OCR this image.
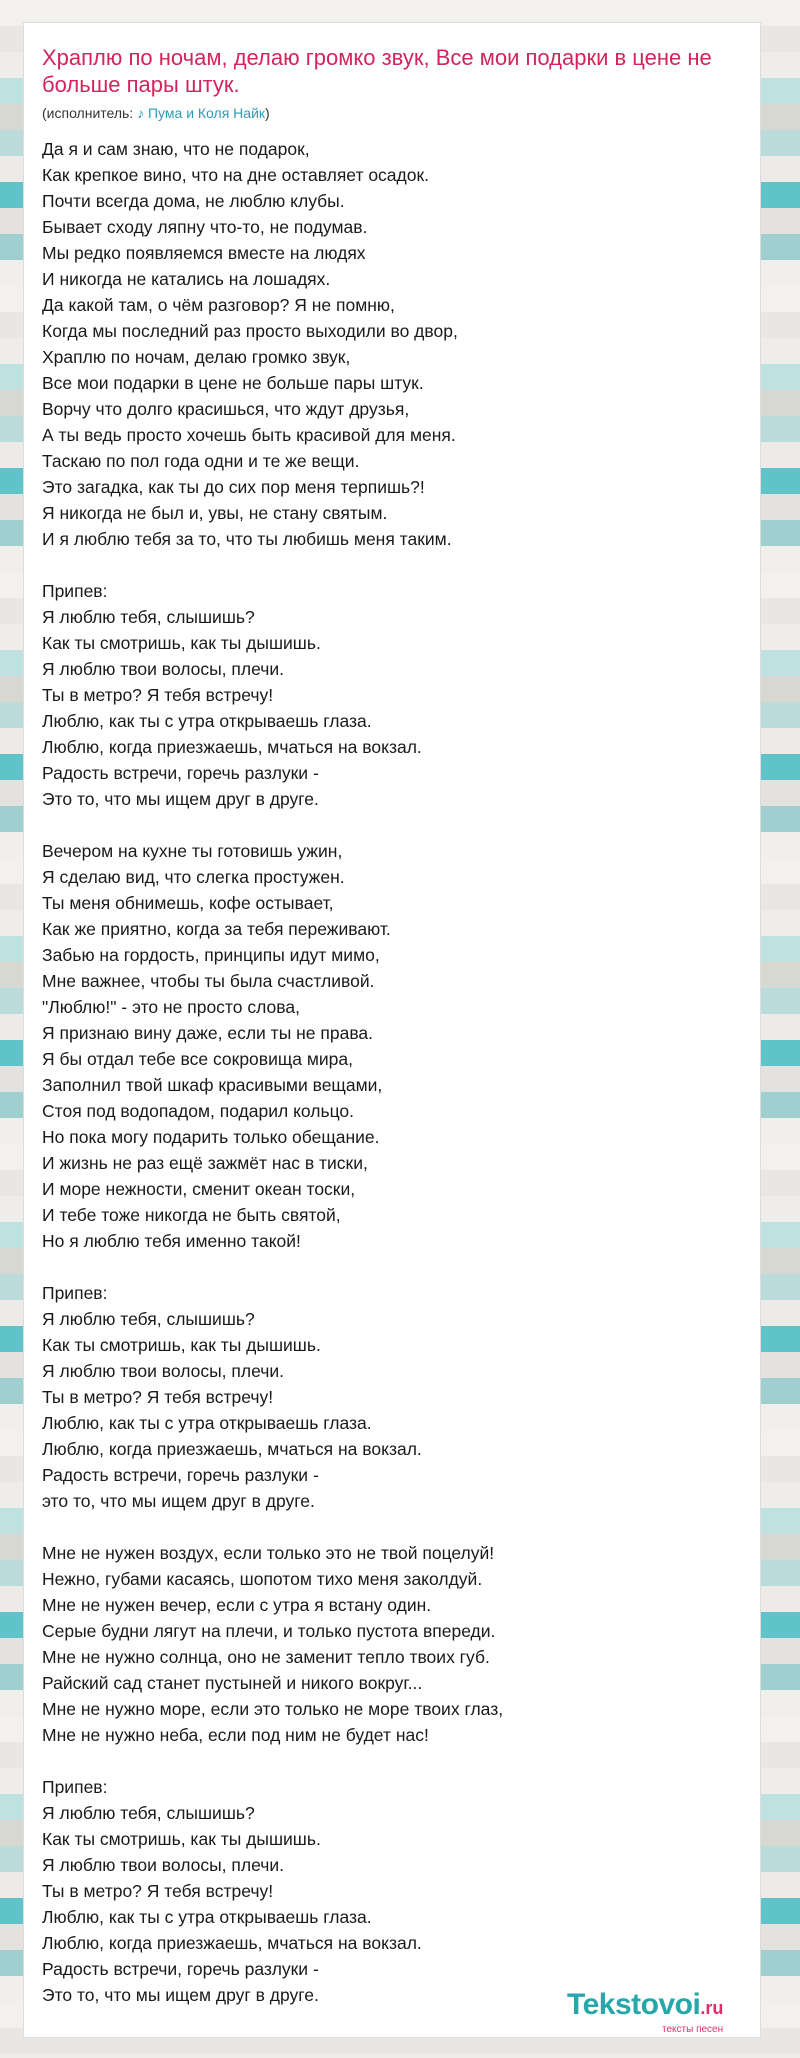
Храплю по ночам, делаю громко звук, Все мои подарки в цене не больше пары штук.
(исполнитель: ♪ Пума и Коля Найк)
Да я и сам знаю, что не подарок,
Как крепкое вино, что на дне оставляет осадок.
Почти всегда дома, не люблю клубы.
Бывает сходу ляпну что-то, не подумав.
Мы редко появляемся вместе на людях
И никогда не катались на лошадях.
Да какой там, о чём разговор? Я не помню,
Когда мы последний раз просто выходили во двор,
Храплю по ночам, делаю громко звук,
Все мои подарки в цене не больше пары штук.
Ворчу что долго красишься, что ждут друзья,
А ты ведь просто хочешь быть красивой для меня.
Таскаю по пол года одни и те же вещи.
Это загадка, как ты до сих пор меня терпишь?!
Я никогда не был и, увы, не стану святым.
И я люблю тебя за то, что ты любишь меня таким.
Припев:
Я люблю тебя, слышишь?
Как ты смотришь, как ты дышишь.
Я люблю твои волосы, плечи.
Ты в метро? Я тебя встречу!
Люблю, как ты с утра открываешь глаза.
Люблю, когда приезжаешь, мчаться на вокзал.
Радость встречи, горечь разлуки -
Это то, что мы ищем друг в друге.
Вечером на кухне ты готовишь ужин,
Я сделаю вид, что слегка простужен.
Ты меня обнимешь, кофе остывает,
Как же приятно, когда за тебя переживают.
Забью на гордость, принципы идут мимо,
Мне важнее, чтобы ты была счастливой.
"Люблю!" - это не просто слова,
Я признаю вину даже, если ты не права.
Я бы отдал тебе все сокровища мира,
Заполнил твой шкаф красивыми вещами,
Стоя под водопадом, подарил кольцо.
Но пока могу подарить только обещание.
И жизнь не раз ещё зажмёт нас в тиски,
И море нежности, сменит океан тоски,
И тебе тоже никогда не быть святой,
Но я люблю тебя именно такой!
Припев:
Я люблю тебя, слышишь?
Как ты смотришь, как ты дышишь.
Я люблю твои волосы, плечи.
Ты в метро? Я тебя встречу!
Люблю, как ты с утра открываешь глаза.
Люблю, когда приезжаешь, мчаться на вокзал.
Радость встречи, горечь разлуки -
это то, что мы ищем друг в друге.
Мне не нужен воздух, если только это не твой поцелуй!
Нежно, губами касаясь, шопотом тихо меня заколдуй.
Мне не нужен вечер, если с утра я встану один.
Серые будни лягут на плечи, и только пустота впереди.
Мне не нужно солнца, оно не заменит тепло твоих губ.
Райский сад станет пустыней и никого вокруг...
Мне не нужно море, если это только не море твоих глаз,
Мне не нужно неба, если под ним не будет нас!
Припев:
Я люблю тебя, слышишь?
Как ты смотришь, как ты дышишь.
Я люблю твои волосы, плечи.
Ты в метро? Я тебя встречу!
Люблю, как ты с утра открываешь глаза.
Люблю, когда приезжаешь, мчаться на вокзал.
Радость встречи, горечь разлуки -
Это то, что мы ищем друг в друге.	Tekstovoi.ru
тексты песен
